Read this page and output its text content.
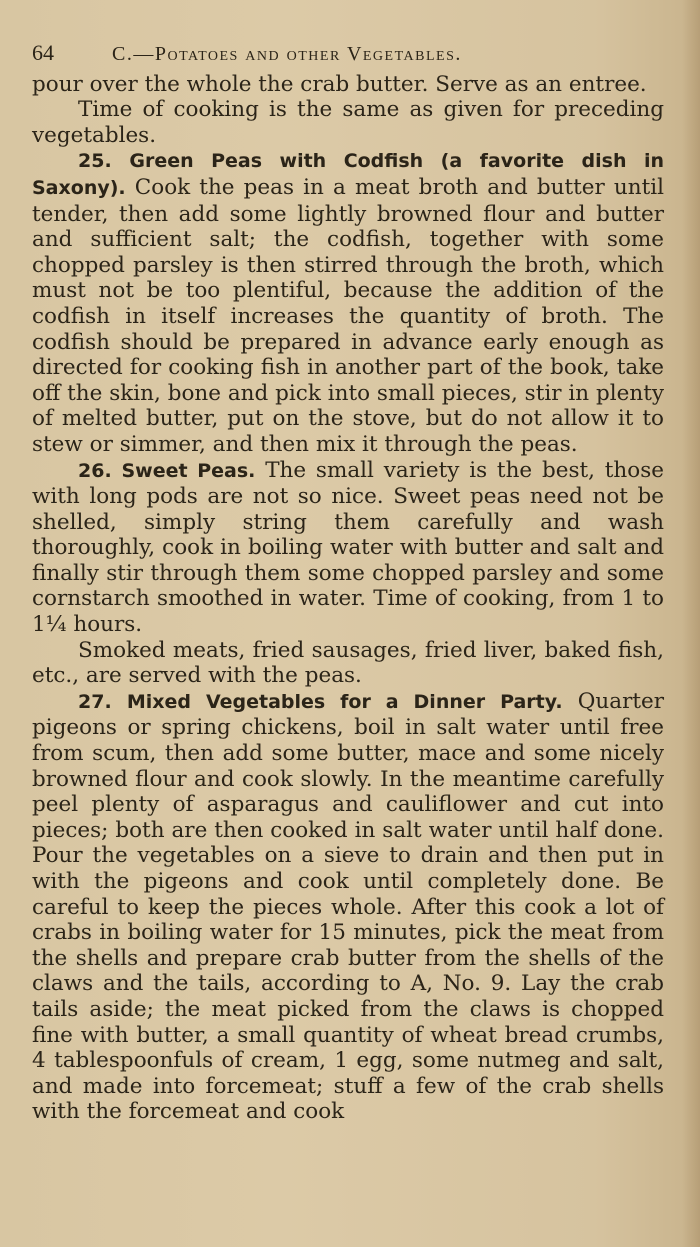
64	C.—Potatoes and other Vegetables.

pour over the whole the crab butter. Serve as an entree.

Time of cooking is the same as given for preceding vegetables.

25. Green Peas with Codfish (a favorite dish in Saxony). Cook the peas in a meat broth and butter until tender, then add some lightly browned flour and butter and sufficient salt; the codfish, together with some chopped parsley is then stirred through the broth, which must not be too plentiful, because the addition of the codfish in itself increases the quantity of broth. The codfish should be prepared in advance early enough as directed for cooking fish in another part of the book, take off the skin, bone and pick into small pieces, stir in plenty of melted butter, put on the stove, but do not allow it to stew or simmer, and then mix it through the peas.

26. Sweet Peas. The small variety is the best, those with long pods are not so nice. Sweet peas need not be shelled, simply string them carefully and wash thoroughly, cook in boiling water with butter and salt and finally stir through them some chopped parsley and some cornstarch smoothed in water. Time of cooking, from 1 to 1¼ hours.

Smoked meats, fried sausages, fried liver, baked fish, etc., are served with the peas.

27. Mixed Vegetables for a Dinner Party. Quarter pigeons or spring chickens, boil in salt water until free from scum, then add some butter, mace and some nicely browned flour and cook slowly. In the meantime carefully peel plenty of asparagus and cauliflower and cut into pieces; both are then cooked in salt water until half done. Pour the vegetables on a sieve to drain and then put in with the pigeons and cook until completely done. Be careful to keep the pieces whole. After this cook a lot of crabs in boiling water for 15 minutes, pick the meat from the shells and prepare crab butter from the shells of the claws and the tails, according to A, No. 9. Lay the crab tails aside; the meat picked from the claws is chopped fine with butter, a small quantity of wheat bread crumbs, 4 tablespoonfuls of cream, 1 egg, some nutmeg and salt, and made into forcemeat; stuff a few of the crab shells with the forcemeat and cook
